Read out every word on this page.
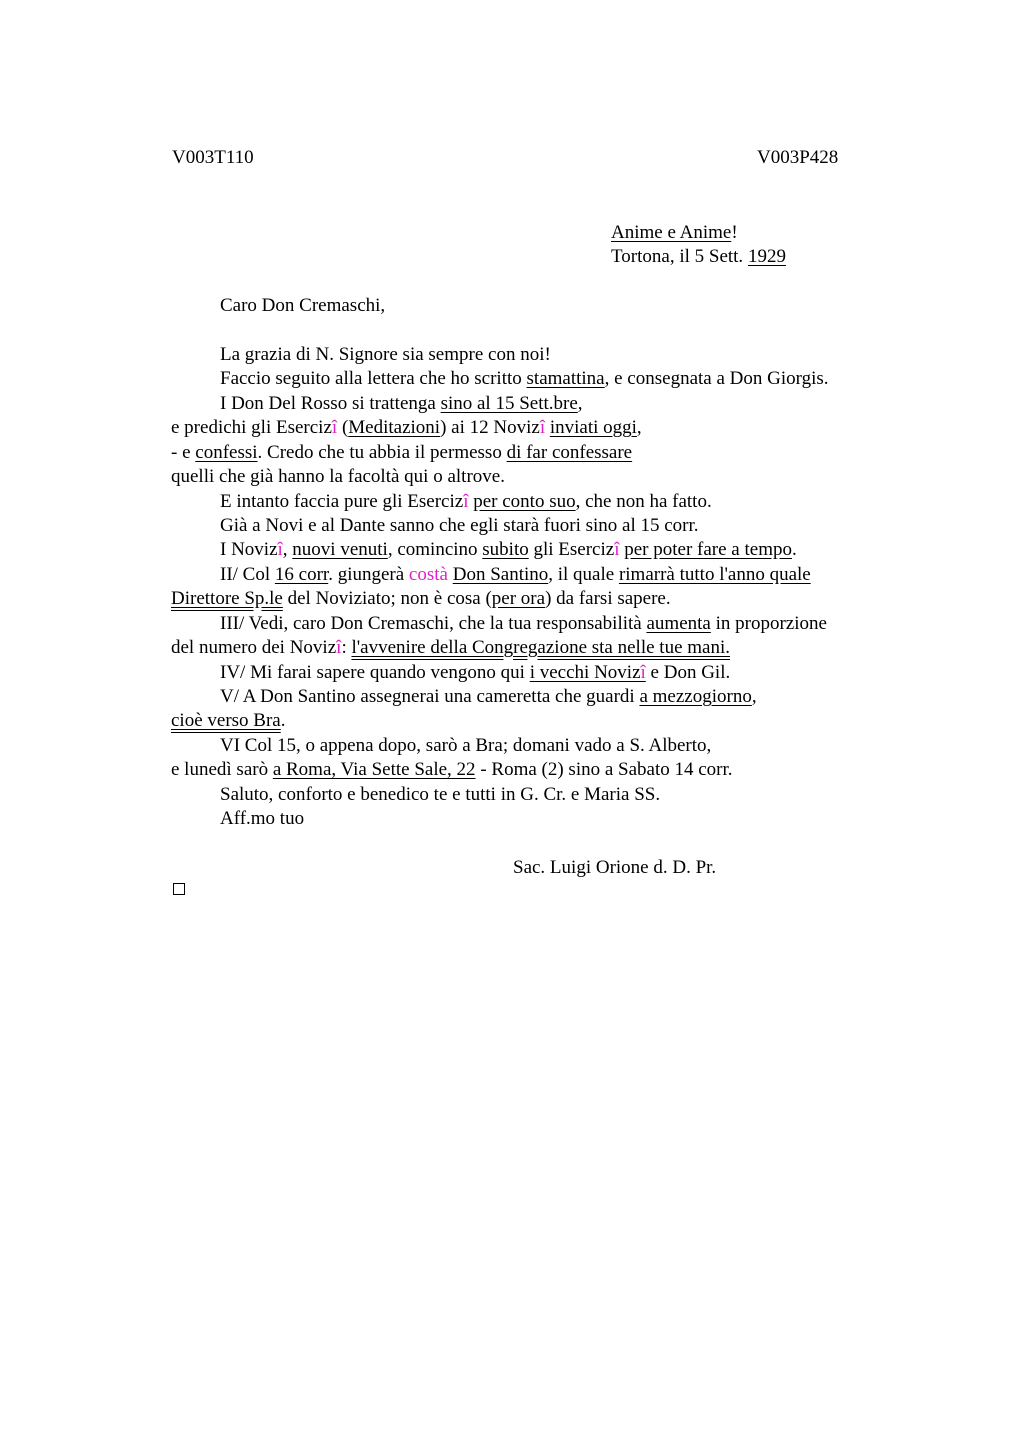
V003T110	V003P428
Anime e Anime!
Tortona, il 5 Sett. 1929
Caro Don Cremaschi,
La grazia di N. Signore sia sempre con noi!
Faccio seguito alla lettera che ho scritto stamattina, e consegnata a Don Giorgis.
I Don Del Rosso si trattenga sino al 15 Sett.bre,
e predichi gli Esercizî (Meditazioni) ai 12 Novizî inviati oggi,
- e confessi. Credo che tu abbia il permesso di far confessare
quelli che già hanno la facoltà qui o altrove.
E intanto faccia pure gli Esercizî per conto suo, che non ha fatto.
Già a Novi e al Dante sanno che egli starà fuori sino al 15 corr.
I Novizî, nuovi venuti, comincino subito gli Esercizî per poter fare a tempo.
II/ Col 16 corr. giungerà costà Don Santino, il quale rimarrà tutto l'anno quale
Direttore Sp.le del Noviziato; non è cosa (per ora) da farsi sapere.
III/ Vedi, caro Don Cremaschi, che la tua responsabilità aumenta in proporzione
del numero dei Novizî: l'avvenire della Congregazione sta nelle tue mani.
IV/ Mi farai sapere quando vengono qui i vecchi Novizî e Don Gil.
V/ A Don Santino assegnerai una cameretta che guardi a mezzogiorno,
cioè verso Bra.
VI Col 15, o appena dopo, sarò a Bra; domani vado a S. Alberto,
e lunedì sarò a Roma, Via Sette Sale, 22 - Roma (2) sino a Sabato 14 corr.
Saluto, conforto e benedico te e tutti in G. Cr. e Maria SS.
Aff.mo tuo
Sac. Luigi Orione d. D. Pr.
